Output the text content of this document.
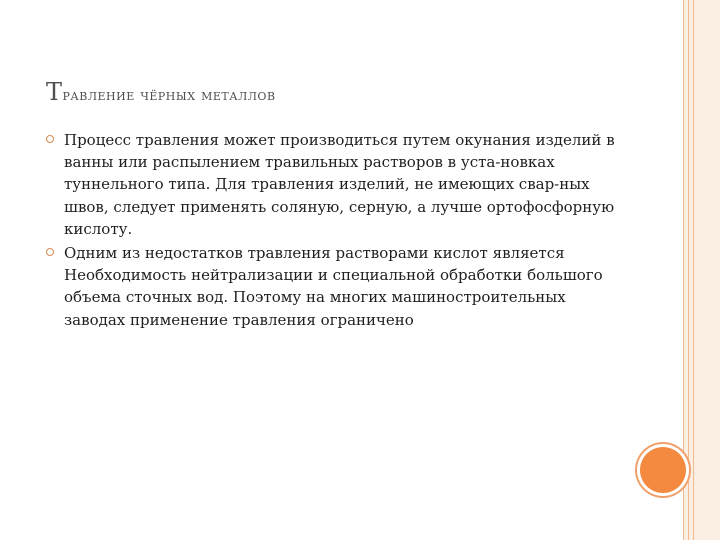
Травление чёрных металлов
Процесс травления может производиться путем окунания изделий в ванны или распылением травильных растворов в уста-новках туннельного типа. Для травления изделий, не имеющих свар-ных швов, следует применять соляную, серную, а лучше ортофосфорную кислоту.
Одним из недостатков травления растворами кислот является Необходимость нейтрализации и специальной обработки большого объема сточных вод. Поэтому на многих машиностроительных заводах применение травления ограничено
